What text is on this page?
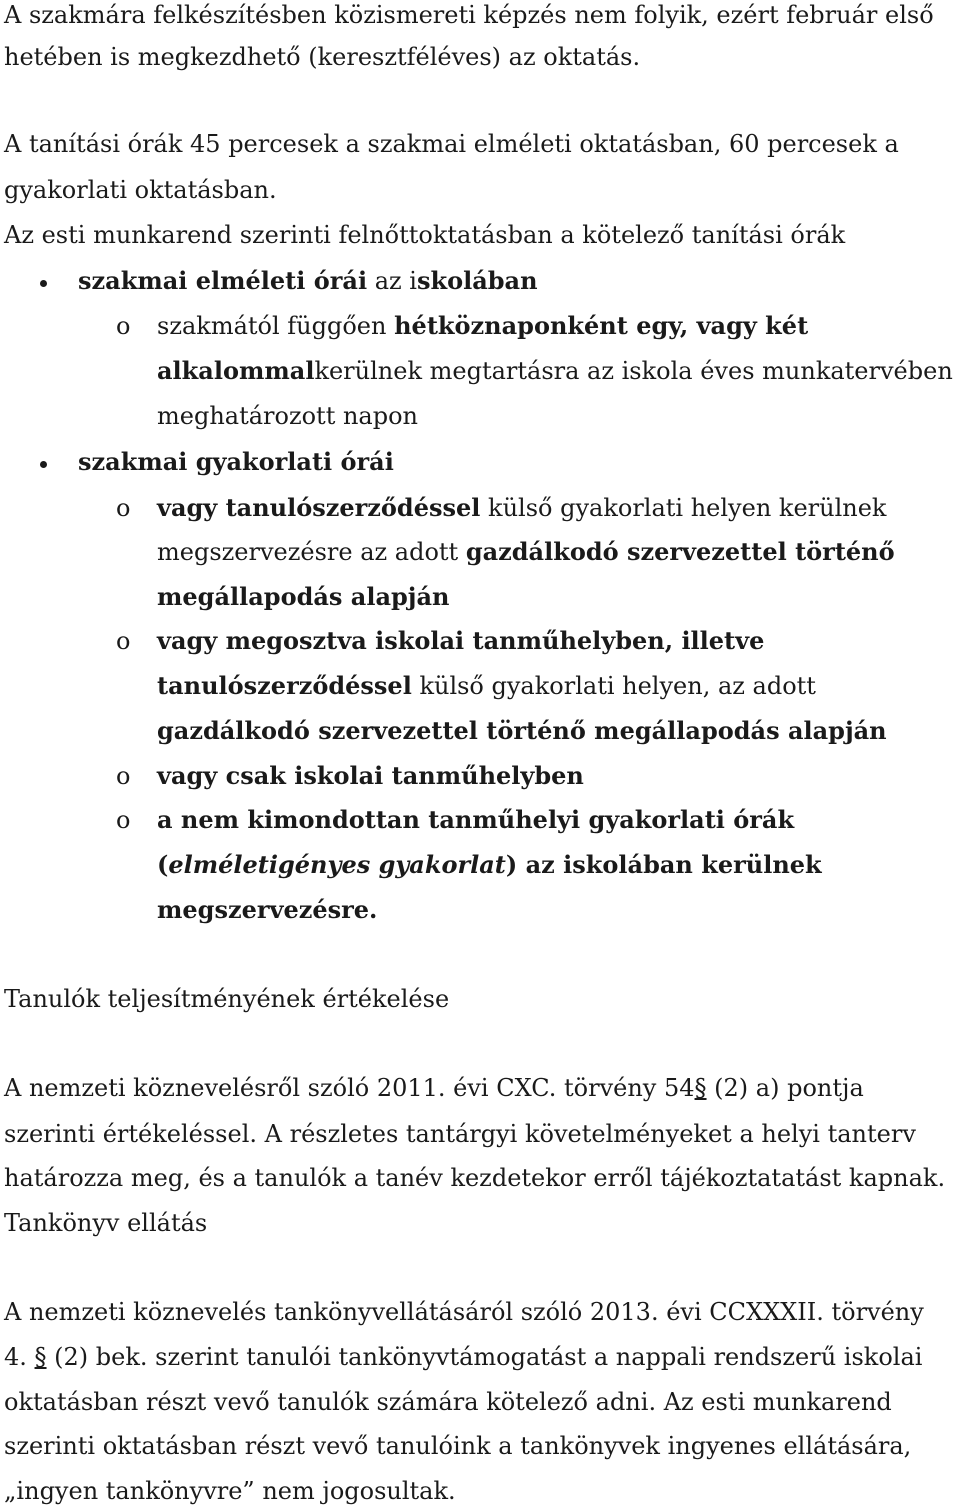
A szakmára felkészítésben közismereti képzés nem folyik, ezért február első
hetében is megkezdhető (keresztféléves) az oktatás.
A tanítási órák 45 percesek a szakmai elméleti oktatásban, 60 percesek a
gyakorlati oktatásban.
Az esti munkarend szerinti felnőttoktatásban a kötelező tanítási órák
szakmai elméleti órái az iskolában
o szakmától függően hétköznaponként egy, vagy két
alkalommalkerülnek megtartásra az iskola éves munkatervében
meghatározott napon
szakmai gyakorlati órái
o vagy tanulószerződéssel külső gyakorlati helyen kerülnek
megszervezésre az adott gazdálkodó szervezettel történő
megállapodás alapján
o vagy megosztva iskolai tanműhelyben, illetve
tanulószerződéssel külső gyakorlati helyen, az adott
gazdálkodó szervezettel történő megállapodás alapján
o vagy csak iskolai tanműhelyben
o a nem kimondottan tanműhelyi gyakorlati órák
(elméletigényes gyakorlat) az iskolában kerülnek
megszervezésre.
Tanulók teljesítményének értékelése
A nemzeti köznevelésről szóló 2011. évi CXC. törvény 54§ (2) a) pontja
szerinti értékeléssel. A részletes tantárgyi követelményeket a helyi tanterv
határozza meg, és a tanulók a tanév kezdetekor erről tájékoztatatást kapnak.
Tankönyv ellátás
A nemzeti köznevelés tankönyvellátásáról szóló 2013. évi CCXXXII. törvény
4. § (2) bek. szerint tanulói tankönyvtámogatást a nappali rendszerű iskolai
oktatásban részt vevő tanulók számára kötelező adni. Az esti munkarend
szerinti oktatásban részt vevő tanulóink a tankönyvek ingyenes ellátására,
„ingyen tankönyvre” nem jogosultak.
